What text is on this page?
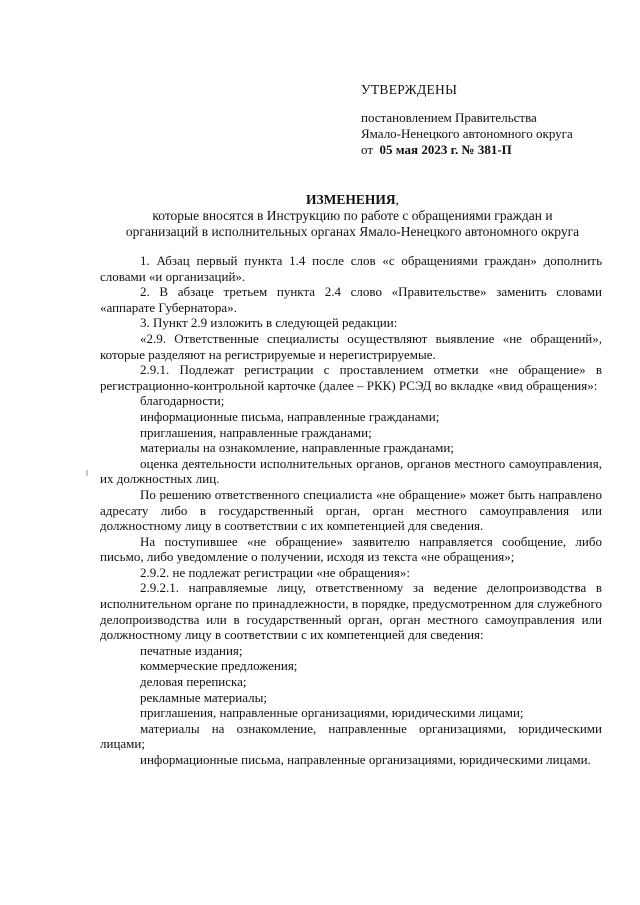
УТВЕРЖДЕНЫ
постановлением Правительства
Ямало-Ненецкого автономного округа
от 05 мая 2023 г. № 381-П
ИЗМЕНЕНИЯ,
которые вносятся в Инструкцию по работе с обращениями граждан и
организаций в исполнительных органах Ямало-Ненецкого автономного округа

1. Абзац первый пункта 1.4 после слов «с обращениями граждан» дополнить словами «и организаций».

2. В абзаце третьем пункта 2.4 слово «Правительстве» заменить словами «аппарате Губернатора».

3. Пункт 2.9 изложить в следующей редакции:

«2.9. Ответственные специалисты осуществляют выявление «не обращений», которые разделяют на регистрируемые и нерегистрируемые.

2.9.1. Подлежат регистрации с проставлением отметки «не обращение» в регистрационно-контрольной карточке (далее – РКК) РСЭД во вкладке «вид обращения»:

благодарности;

информационные письма, направленные гражданами;

приглашения, направленные гражданами;

материалы на ознакомление, направленные гражданами;

оценка деятельности исполнительных органов, органов местного самоуправления, их должностных лиц.

По решению ответственного специалиста «не обращение» может быть направлено адресату либо в государственный орган, орган местного самоуправления или должностному лицу в соответствии с их компетенцией для сведения.

На поступившее «не обращение» заявителю направляется сообщение, либо письмо, либо уведомление о получении, исходя из текста «не обращения»;

2.9.2. не подлежат регистрации «не обращения»:

2.9.2.1. направляемые лицу, ответственному за ведение делопроизводства в исполнительном органе по принадлежности, в порядке, предусмотренном для служебного делопроизводства или в государственный орган, орган местного самоуправления или должностному лицу в соответствии с их компетенцией для сведения:

печатные издания;

коммерческие предложения;

деловая переписка;

рекламные материалы;

приглашения, направленные организациями, юридическими лицами;

материалы на ознакомление, направленные организациями, юридическими лицами;

информационные письма, направленные организациями, юридическими лицами.
